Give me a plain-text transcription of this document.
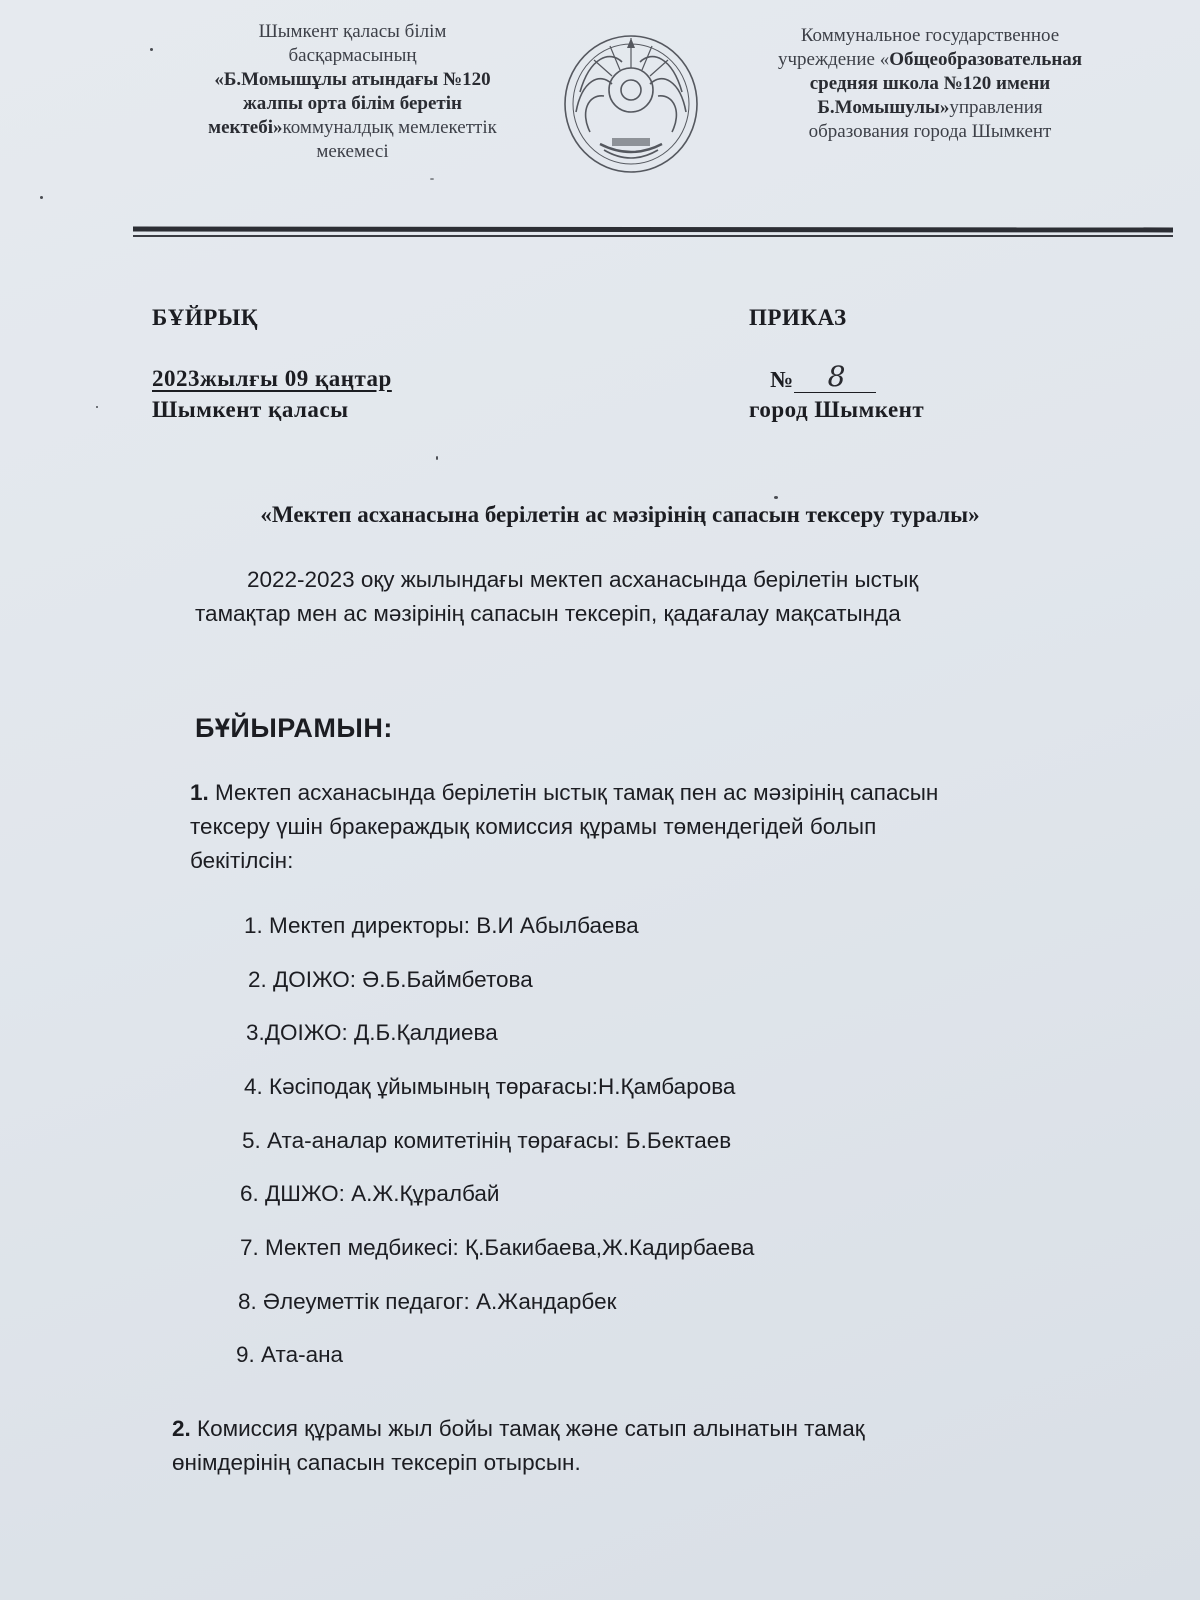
Шымкент қаласы білім
басқармасының
«Б.Момышұлы атындағы №120
жалпы орта білім беретін
мектебі»коммуналдық мемлекеттік
мекемесі
Коммунальное государственное
учреждение «Общеобразовательная
средняя школа №120 имени
Б.Момышулы»управления
образования города Шымкент
БҰЙРЫҚ	ПРИКАЗ
2023жылғы 09 қаңтар
Шымкент қаласы
№ 8
город Шымкент
«Мектеп асханасына берілетін ас мәзірінің сапасын тексеру туралы»
2022-2023 оқу жылындағы мектеп асханасында берілетін ыстық
тамақтар мен ас мәзірінің сапасын тексеріп, қадағалау мақсатында
БҰЙЫРАМЫН:
1. Мектеп асханасында берілетін ыстық тамақ пен ас мәзірінің сапасын
тексеру үшін бракераждық комиссия құрамы төмендегідей болып
бекітілсін:
1. Мектеп директоры: В.И Абылбаева
2. ДОІЖО: Ә.Б.Баймбетова
3.ДОІЖО: Д.Б.Қалдиева
4. Кәсіподақ ұйымының төрағасы:Н.Қамбарова
5. Ата-аналар комитетінің төрағасы: Б.Бектаев
6. ДШЖО: А.Ж.Құралбай
7. Мектеп медбикесі: Қ.Бакибаева,Ж.Кадирбаева
8. Әлеуметтік педагог: А.Жандарбек
9. Ата-ана
2. Комиссия құрамы жыл бойы тамақ және сатып алынатын тамақ
өнімдерінің сапасын тексеріп отырсын.
